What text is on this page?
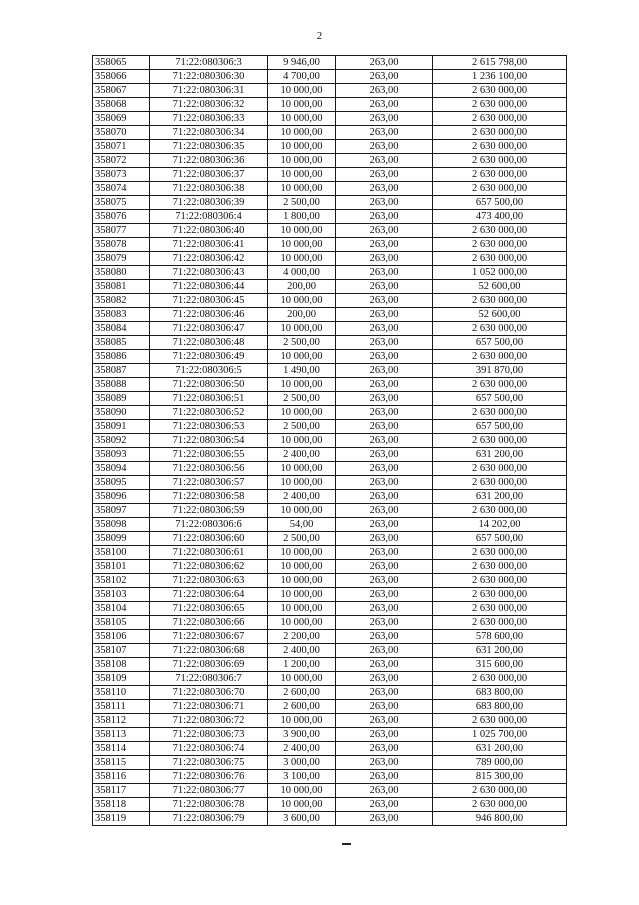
2
358065	71:22:080306:3	9 946,00	263,00	2 615 798,00
358066	71:22:080306:30	4 700,00	263,00	1 236 100,00
358067	71:22:080306:31	10 000,00	263,00	2 630 000,00
358068	71:22:080306:32	10 000,00	263,00	2 630 000,00
358069	71:22:080306:33	10 000,00	263,00	2 630 000,00
358070	71:22:080306:34	10 000,00	263,00	2 630 000,00
358071	71:22:080306:35	10 000,00	263,00	2 630 000,00
358072	71:22:080306:36	10 000,00	263,00	2 630 000,00
358073	71:22:080306:37	10 000,00	263,00	2 630 000,00
358074	71:22:080306:38	10 000,00	263,00	2 630 000,00
358075	71:22:080306:39	2 500,00	263,00	657 500,00
358076	71:22:080306:4	1 800,00	263,00	473 400,00
358077	71:22:080306:40	10 000,00	263,00	2 630 000,00
358078	71:22:080306:41	10 000,00	263,00	2 630 000,00
358079	71:22:080306:42	10 000,00	263,00	2 630 000,00
358080	71:22:080306:43	4 000,00	263,00	1 052 000,00
358081	71:22:080306:44	200,00	263,00	52 600,00
358082	71:22:080306:45	10 000,00	263,00	2 630 000,00
358083	71:22:080306:46	200,00	263,00	52 600,00
358084	71:22:080306:47	10 000,00	263,00	2 630 000,00
358085	71:22:080306:48	2 500,00	263,00	657 500,00
358086	71:22:080306:49	10 000,00	263,00	2 630 000,00
358087	71:22:080306:5	1 490,00	263,00	391 870,00
358088	71:22:080306:50	10 000,00	263,00	2 630 000,00
358089	71:22:080306:51	2 500,00	263,00	657 500,00
358090	71:22:080306:52	10 000,00	263,00	2 630 000,00
358091	71:22:080306:53	2 500,00	263,00	657 500,00
358092	71:22:080306:54	10 000,00	263,00	2 630 000,00
358093	71:22:080306:55	2 400,00	263,00	631 200,00
358094	71:22:080306:56	10 000,00	263,00	2 630 000,00
358095	71:22:080306:57	10 000,00	263,00	2 630 000,00
358096	71:22:080306:58	2 400,00	263,00	631 200,00
358097	71:22:080306:59	10 000,00	263,00	2 630 000,00
358098	71:22:080306:6	54,00	263,00	14 202,00
358099	71:22:080306:60	2 500,00	263,00	657 500,00
358100	71:22:080306:61	10 000,00	263,00	2 630 000,00
358101	71:22:080306:62	10 000,00	263,00	2 630 000,00
358102	71:22:080306:63	10 000,00	263,00	2 630 000,00
358103	71:22:080306:64	10 000,00	263,00	2 630 000,00
358104	71:22:080306:65	10 000,00	263,00	2 630 000,00
358105	71:22:080306:66	10 000,00	263,00	2 630 000,00
358106	71:22:080306:67	2 200,00	263,00	578 600,00
358107	71:22:080306:68	2 400,00	263,00	631 200,00
358108	71:22:080306:69	1 200,00	263,00	315 600,00
358109	71:22:080306:7	10 000,00	263,00	2 630 000,00
358110	71:22:080306:70	2 600,00	263,00	683 800,00
358111	71:22:080306:71	2 600,00	263,00	683 800,00
358112	71:22:080306:72	10 000,00	263,00	2 630 000,00
358113	71:22:080306:73	3 900,00	263,00	1 025 700,00
358114	71:22:080306:74	2 400,00	263,00	631 200,00
358115	71:22:080306:75	3 000,00	263,00	789 000,00
358116	71:22:080306:76	3 100,00	263,00	815 300,00
358117	71:22:080306:77	10 000,00	263,00	2 630 000,00
358118	71:22:080306:78	10 000,00	263,00	2 630 000,00
358119	71:22:080306:79	3 600,00	263,00	946 800,00
